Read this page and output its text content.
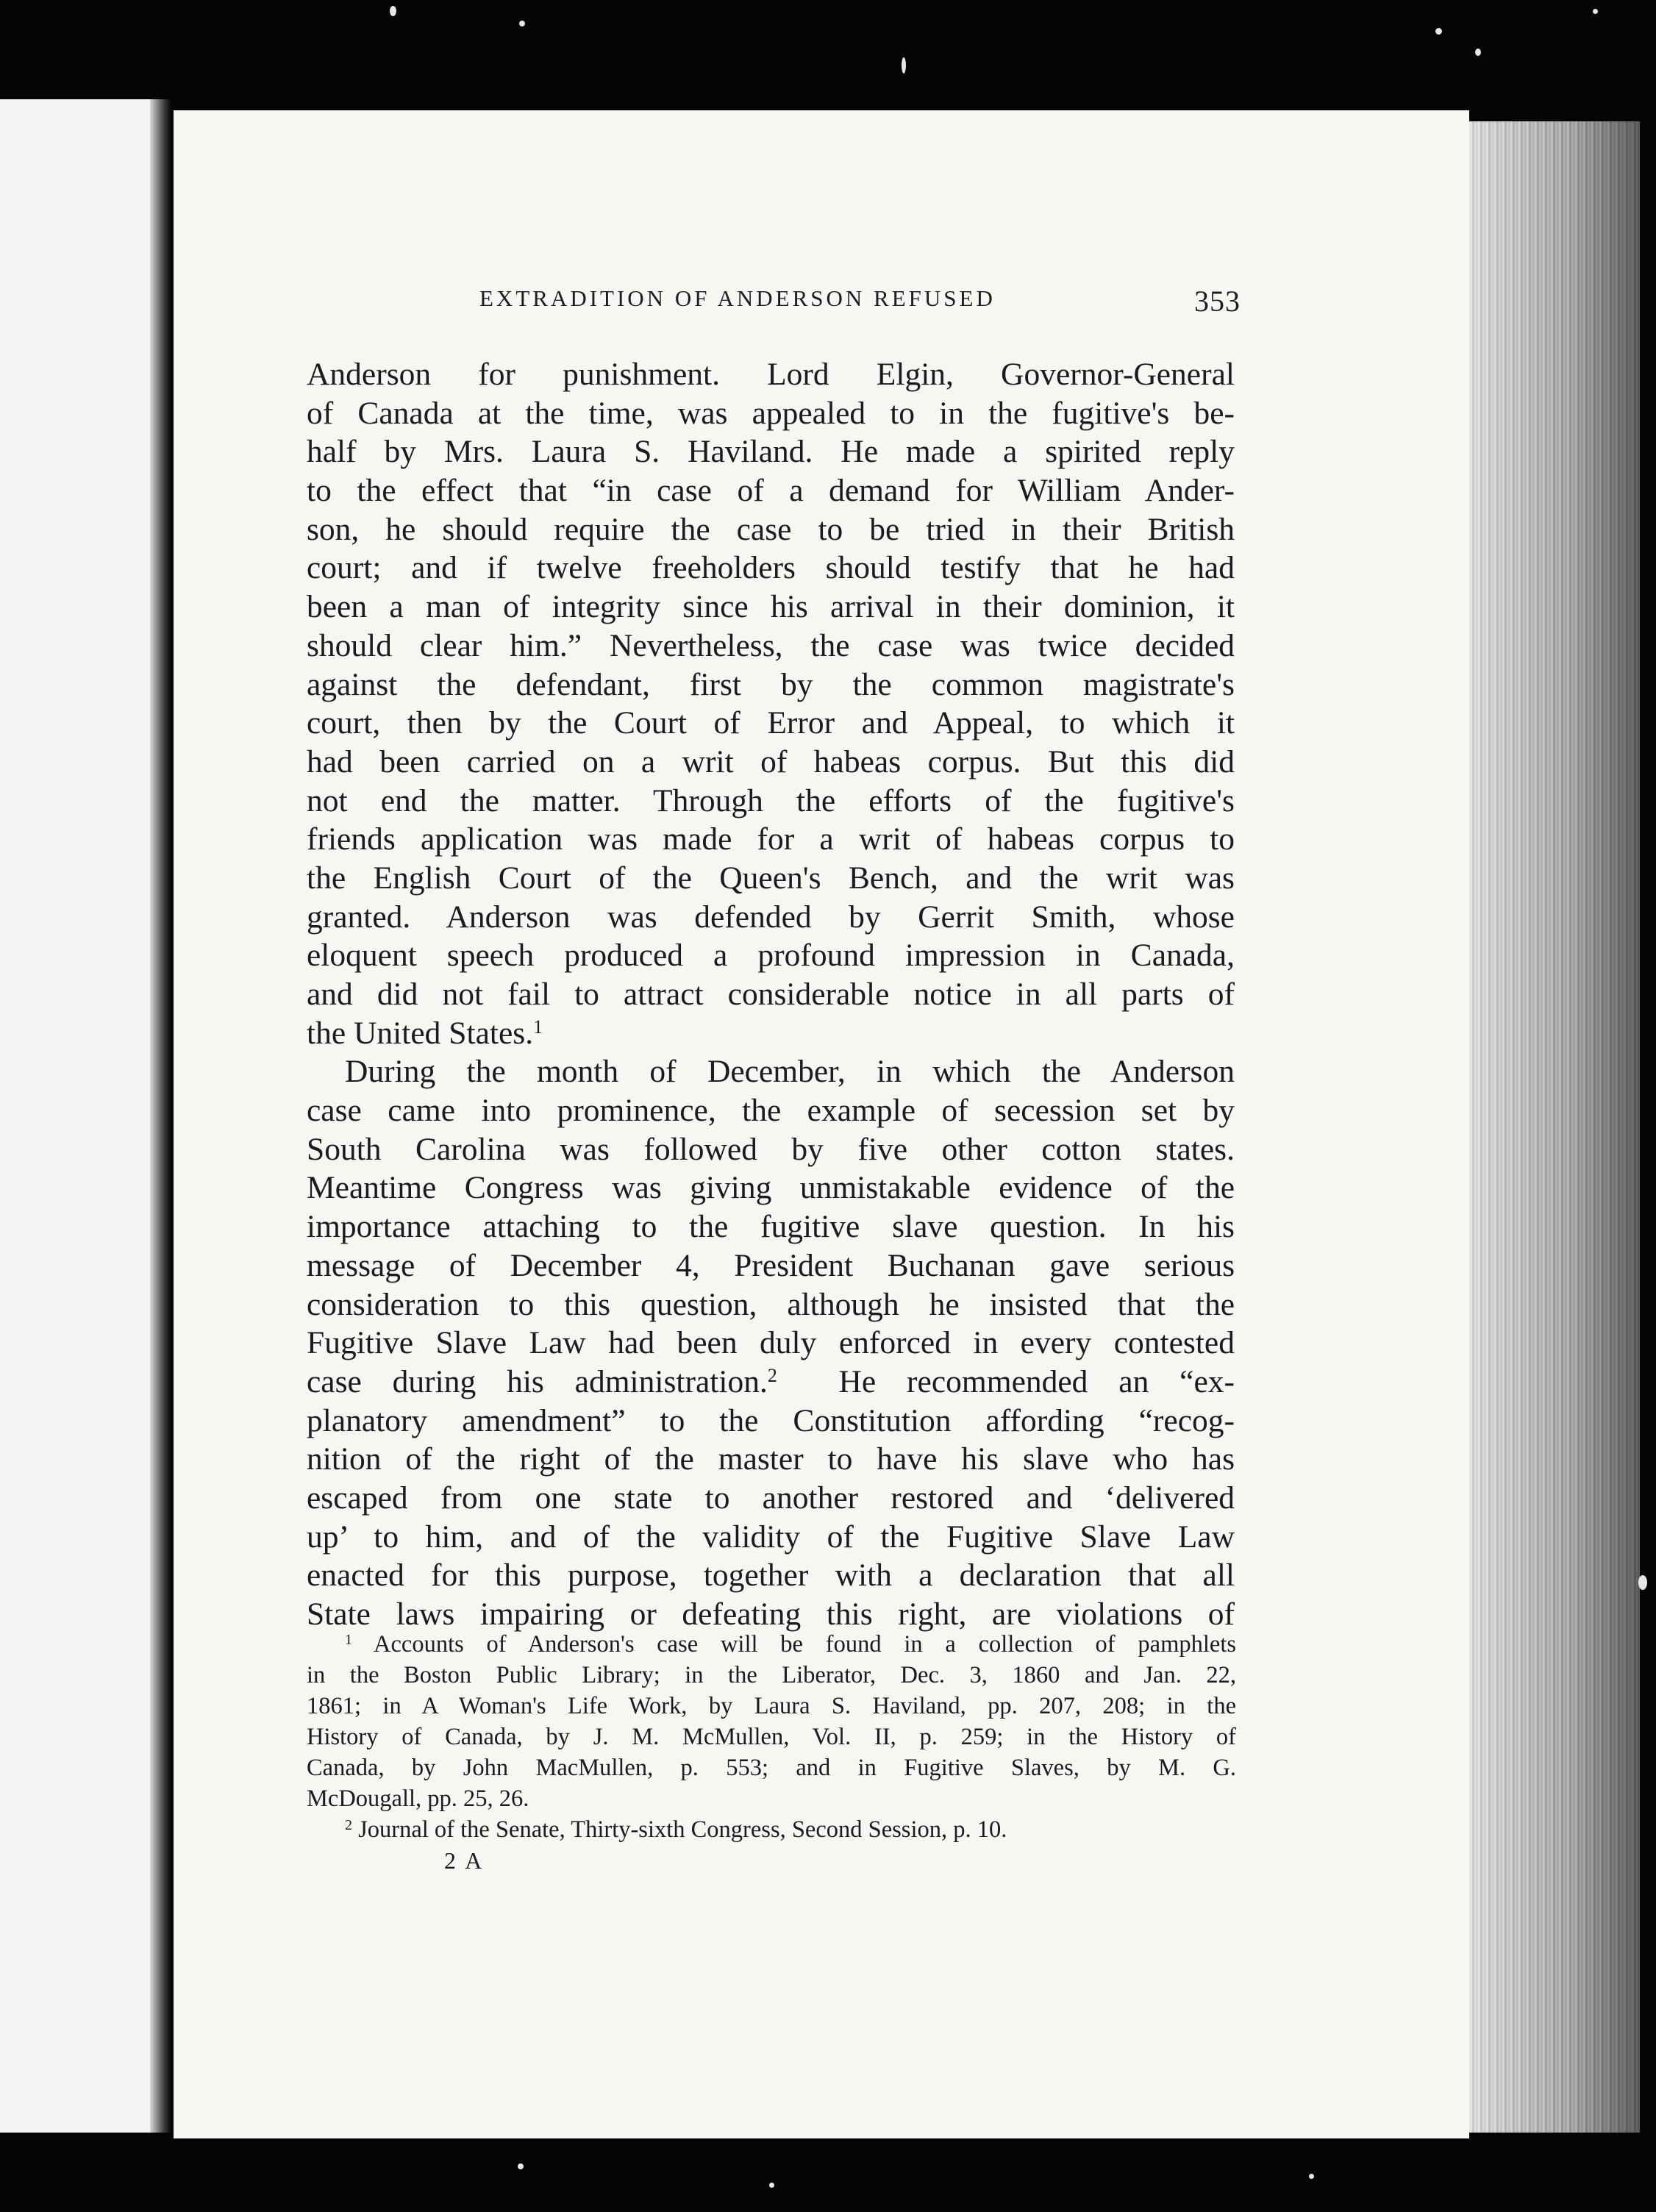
EXTRADITION OF ANDERSON REFUSED	353
Anderson for punishment. Lord Elgin, Governor-General
of Canada at the time, was appealed to in the fugitive's be-
half by Mrs. Laura S. Haviland. He made a spirited reply
to the effect that “in case of a demand for William Ander-
son, he should require the case to be tried in their British
court; and if twelve freeholders should testify that he had
been a man of integrity since his arrival in their dominion, it
should clear him.” Nevertheless, the case was twice decided
against the defendant, first by the common magistrate's
court, then by the Court of Error and Appeal, to which it
had been carried on a writ of habeas corpus. But this did
not end the matter. Through the efforts of the fugitive's
friends application was made for a writ of habeas corpus to
the English Court of the Queen's Bench, and the writ was
granted. Anderson was defended by Gerrit Smith, whose
eloquent speech produced a profound impression in Canada,
and did not fail to attract considerable notice in all parts of
the United States.$^1$
During the month of December, in which the Anderson
case came into prominence, the example of secession set by
South Carolina was followed by five other cotton states.
Meantime Congress was giving unmistakable evidence of the
importance attaching to the fugitive slave question. In his
message of December 4, President Buchanan gave serious
consideration to this question, although he insisted that the
Fugitive Slave Law had been duly enforced in every contested
case during his administration.$^2$  He recommended an “ex-
planatory amendment” to the Constitution affording “recog-
nition of the right of the master to have his slave who has
escaped from one state to another restored and ‘delivered
up’ to him, and of the validity of the Fugitive Slave Law
enacted for this purpose, together with a declaration that all
State laws impairing or defeating this right, are violations of
$^1$ Accounts of Anderson's case will be found in a collection of pamphlets
in the Boston Public Library; in the Liberator, Dec. 3, 1860 and Jan. 22,
1861; in A Woman's Life Work, by Laura S. Haviland, pp. 207, 208; in the
History of Canada, by J. M. McMullen, Vol. II, p. 259; in the History of
Canada, by John MacMullen, p. 553; and in Fugitive Slaves, by M. G.
McDougall, pp. 25, 26.
$^2$ Journal of the Senate, Thirty-sixth Congress, Second Session, p. 10.
2 A
